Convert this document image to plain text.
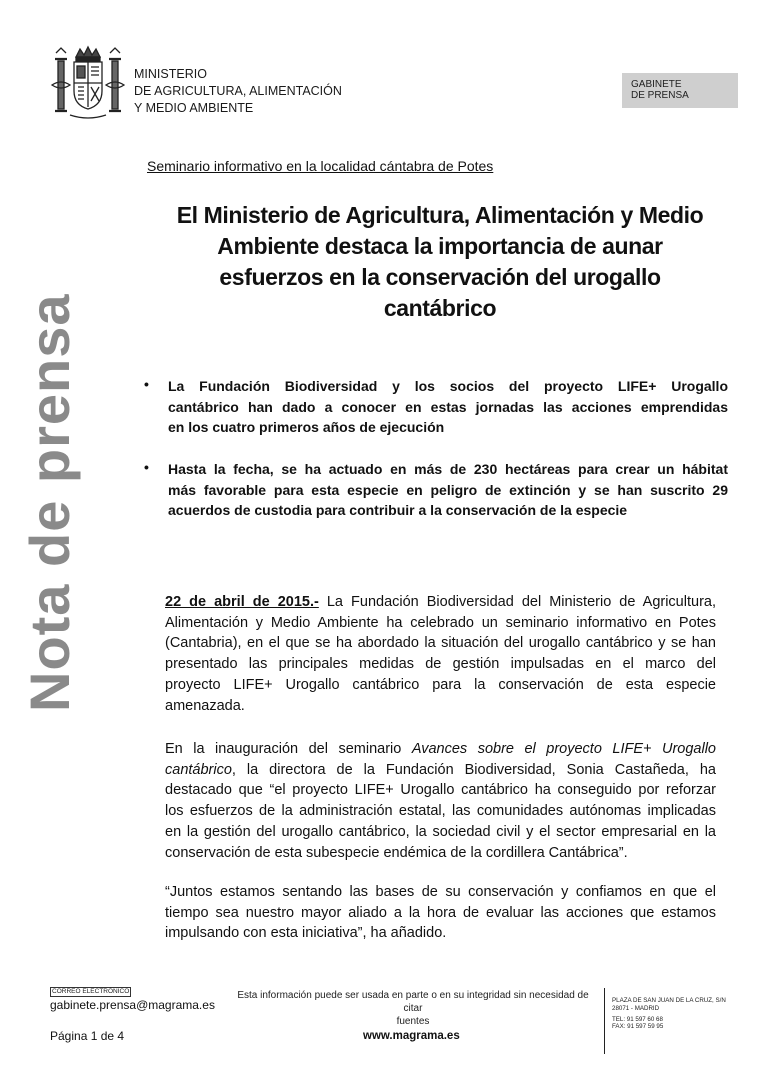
MINISTERIO
DE AGRICULTURA, ALIMENTACIÓN
Y MEDIO AMBIENTE
GABINETE
DE PRENSA
Seminario informativo en la localidad cántabra de Potes
El Ministerio de Agricultura, Alimentación y Medio
Ambiente destaca la importancia de aunar
esfuerzos en la conservación del urogallo
cantábrico
Nota de prensa	• La Fundación Biodiversidad y los socios del proyecto LIFE+ Urogallo
cantábrico han dado a conocer en estas jornadas las acciones emprendidas
en los cuatro primeros años de ejecución
• Hasta la fecha, se ha actuado en más de 230 hectáreas para crear un hábitat
más favorable para esta especie en peligro de extinción y se han suscrito 29
acuerdos de custodia para contribuir a la conservación de la especie
22 de abril de 2015.- La Fundación Biodiversidad del Ministerio de Agricultura,
Alimentación y Medio Ambiente ha celebrado un seminario informativo en Potes
(Cantabria), en el que se ha abordado la situación del urogallo cantábrico y se han
presentado las principales medidas de gestión impulsadas en el marco del
proyecto LIFE+ Urogallo cantábrico para la conservación de esta especie
amenazada.
En la inauguración del seminario Avances sobre el proyecto LIFE+ Urogallo
cantábrico, la directora de la Fundación Biodiversidad, Sonia Castañeda, ha
destacado que “el proyecto LIFE+ Urogallo cantábrico ha conseguido por reforzar
los esfuerzos de la administración estatal, las comunidades autónomas implicadas
en la gestión del urogallo cantábrico, la sociedad civil y el sector empresarial en la
conservación de esta subespecie endémica de la cordillera Cantábrica”.
“Juntos estamos sentando las bases de su conservación y confiamos en que el
tiempo sea nuestro mayor aliado a la hora de evaluar las acciones que estamos
impulsando con esta iniciativa”, ha añadido.
CORREO ELECTRÓNICO
gabinete.prensa@magrama.es
Esta información puede ser usada en parte o en su integridad sin necesidad de citar
fuentes
Página 1 de 4	www.magrama.es
PLAZA DE SAN JUAN DE LA CRUZ, S/N
28071 - MADRID
TEL: 91 597 60 68
FAX: 91 597 59 95
